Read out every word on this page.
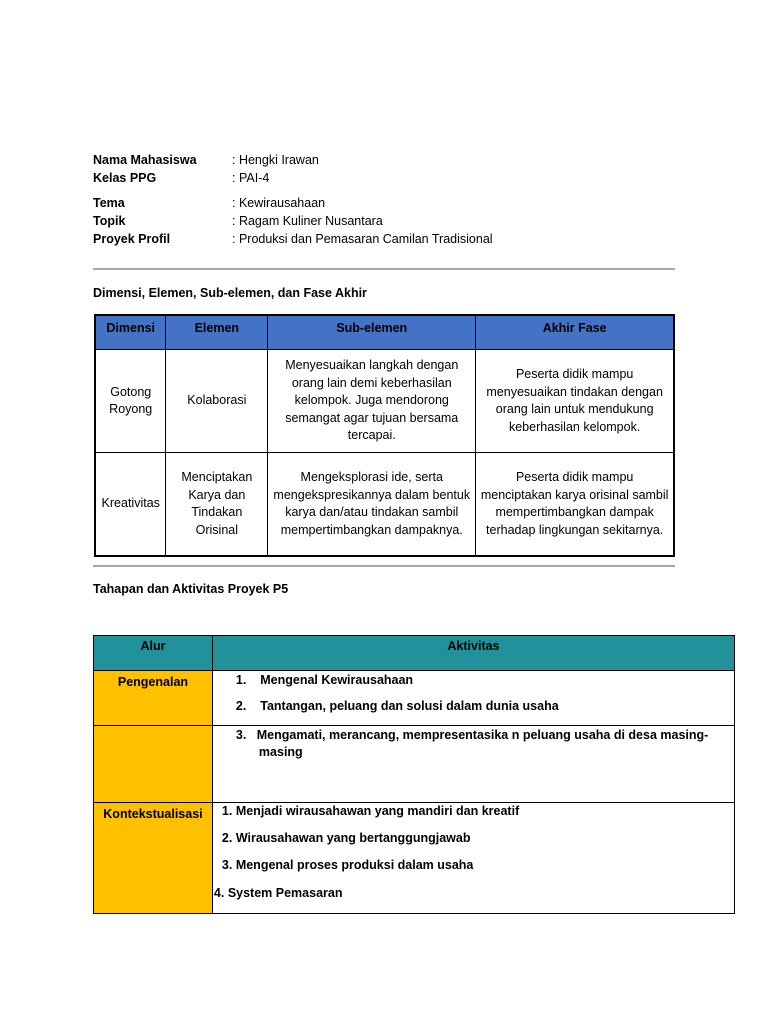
Nama Mahasiswa	: Hengki Irawan
Kelas PPG	: PAI-4
Tema	: Kewirausahaan
Topik	: Ragam Kuliner Nusantara
Proyek Profil	: Produksi dan Pemasaran Camilan Tradisional
Dimensi, Elemen, Sub-elemen, dan Fase Akhir
Dimensi	Elemen	Sub-elemen	Akhir Fase
Gotong Royong	Kolaborasi	Menyesuaikan langkah dengan orang lain demi keberhasilan kelompok. Juga mendorong semangat agar tujuan bersama tercapai.	Peserta didik mampu menyesuaikan tindakan dengan orang lain untuk mendukung keberhasilan kelompok.
Kreativitas	Menciptakan Karya dan Tindakan Orisinal	Mengeksplorasi ide, serta mengekspresikannya dalam bentuk karya dan/atau tindakan sambil mempertimbangkan dampaknya.	Peserta didik mampu menciptakan karya orisinal sambil mempertimbangkan dampak terhadap lingkungan sekitarnya.
Tahapan dan Aktivitas Proyek P5
Alur	Aktivitas
Pengenalan	1.    Mengenal Kewirausahaan
2.    Tantangan, peluang dan solusi dalam dunia usaha

	3.   Mengamati, merancang, mempresentasika n peluang usaha di desa masing-
masing

Kontekstualisasi	1. Menjadi wirausahawan yang mandiri dan kreatif
2. Wirausahawan yang bertanggungjawab
3. Mengenal proses produksi dalam usaha
4. System Pemasaran
